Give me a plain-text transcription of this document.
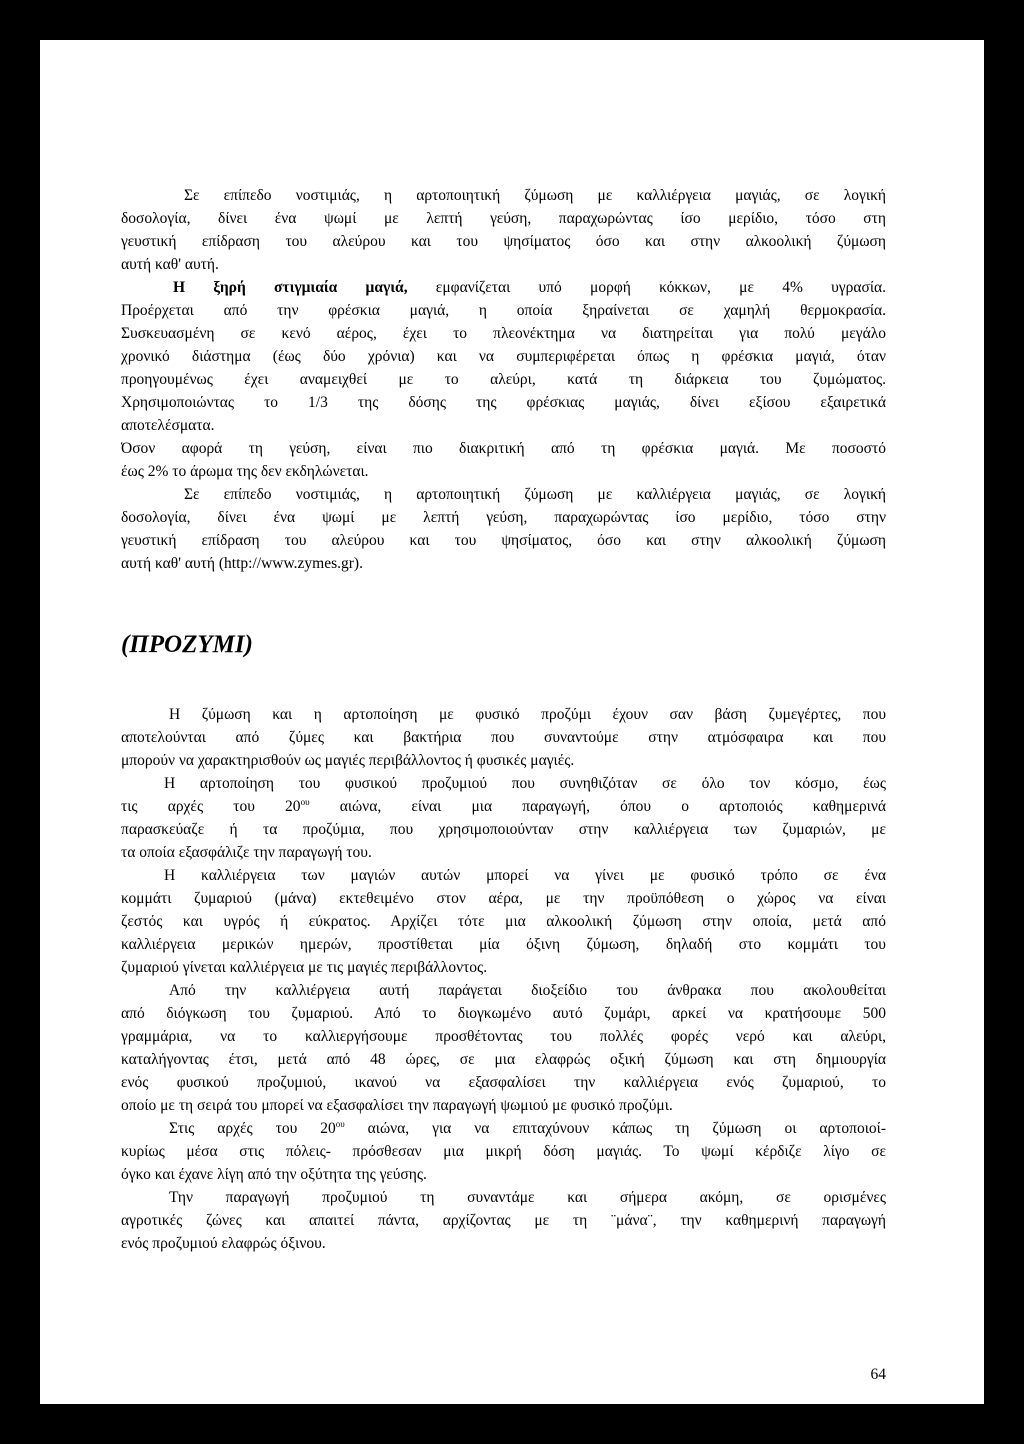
Σε επίπεδο νοστιμιάς, η αρτοποιητική ζύμωση με καλλιέργεια μαγιάς, σε λογική
δοσολογία, δίνει ένα ψωμί με λεπτή γεύση, παραχωρώντας ίσο μερίδιο, τόσο στη
γευστική επίδραση του αλεύρου και του ψησίματος όσο και στην αλκοολική ζύμωση
αυτή καθ' αυτή.
Η ξηρή στιγμιαία μαγιά, εμφανίζεται υπό μορφή κόκκων, με 4% υγρασία.
Προέρχεται από την φρέσκια μαγιά, η οποία ξηραίνεται σε χαμηλή θερμοκρασία.
Συσκευασμένη σε κενό αέρος, έχει το πλεονέκτημα να διατηρείται για πολύ μεγάλο
χρονικό διάστημα (έως δύο χρόνια) και να συμπεριφέρεται όπως η φρέσκια μαγιά, όταν
προηγουμένως έχει αναμειχθεί με το αλεύρι, κατά τη διάρκεια του ζυμώματος.
Χρησιμοποιώντας το 1/3 της δόσης της φρέσκιας μαγιάς, δίνει εξίσου εξαιρετικά
αποτελέσματα.
Όσον αφορά τη γεύση, είναι πιο διακριτική από τη φρέσκια μαγιά. Με ποσοστό
έως 2% το άρωμα της δεν εκδηλώνεται.
Σε επίπεδο νοστιμιάς, η αρτοποιητική ζύμωση με καλλιέργεια μαγιάς, σε λογική
δοσολογία, δίνει ένα ψωμί με λεπτή γεύση, παραχωρώντας ίσο μερίδιο, τόσο στην
γευστική επίδραση του αλεύρου και του ψησίματος, όσο και στην αλκοολική ζύμωση
αυτή καθ' αυτή (http://www.zymes.gr).
(ΠΡΟΖΥΜΙ)
Η ζύμωση και η αρτοποίηση με φυσικό προζύμι έχουν σαν βάση ζυμεγέρτες, που
αποτελούνται από ζύμες και βακτήρια που συναντούμε στην ατμόσφαιρα και που
μπορούν να χαρακτηρισθούν ως μαγιές περιβάλλοντος ή φυσικές μαγιές.
Η αρτοποίηση του φυσικού προζυμιού που συνηθιζόταν σε όλο τον κόσμο, έως
τις αρχές του $20^{o\upsilon}$ αιώνα, είναι μια παραγωγή, όπου ο αρτοποιός καθημερινά
παρασκεύαζε ή τα προζύμια, που χρησιμοποιούνταν στην καλλιέργεια των ζυμαριών, με
τα οποία εξασφάλιζε την παραγωγή του.
Η καλλιέργεια των μαγιών αυτών μπορεί να γίνει με φυσικό τρόπο σε ένα
κομμάτι ζυμαριού (μάνα) εκτεθειμένο στον αέρα, με την προϋπόθεση ο χώρος να είναι
ζεστός και υγρός ή εύκρατος. Αρχίζει τότε μια αλκοολική ζύμωση στην οποία, μετά από
καλλιέργεια μερικών ημερών, προστίθεται μία όξινη ζύμωση, δηλαδή στο κομμάτι του
ζυμαριού γίνεται καλλιέργεια με τις μαγιές περιβάλλοντος.
Από την καλλιέργεια αυτή παράγεται διοξείδιο του άνθρακα που ακολουθείται
από διόγκωση του ζυμαριού. Από το διογκωμένο αυτό ζυμάρι, αρκεί να κρατήσουμε 500
γραμμάρια, να το καλλιεργήσουμε προσθέτοντας του πολλές φορές νερό και αλεύρι,
καταλήγοντας έτσι, μετά από 48 ώρες, σε μια ελαφρώς οξική ζύμωση και στη δημιουργία
ενός φυσικού προζυμιού, ικανού να εξασφαλίσει την καλλιέργεια ενός ζυμαριού, το
οποίο με τη σειρά του μπορεί να εξασφαλίσει την παραγωγή ψωμιού με φυσικό προζύμι.
Στις αρχές του $20^{o\upsilon}$ αιώνα, για να επιταχύνουν κάπως τη ζύμωση οι αρτοποιοί-
κυρίως μέσα στις πόλεις- πρόσθεσαν μια μικρή δόση μαγιάς. Το ψωμί κέρδιζε λίγο σε
όγκο και έχανε λίγη από την οξύτητα της γεύσης.
Την παραγωγή προζυμιού τη συναντάμε και σήμερα ακόμη, σε ορισμένες
αγροτικές ζώνες και απαιτεί πάντα, αρχίζοντας με τη ¨μάνα¨, την καθημερινή παραγωγή
ενός προζυμιού ελαφρώς όξινου.
64
